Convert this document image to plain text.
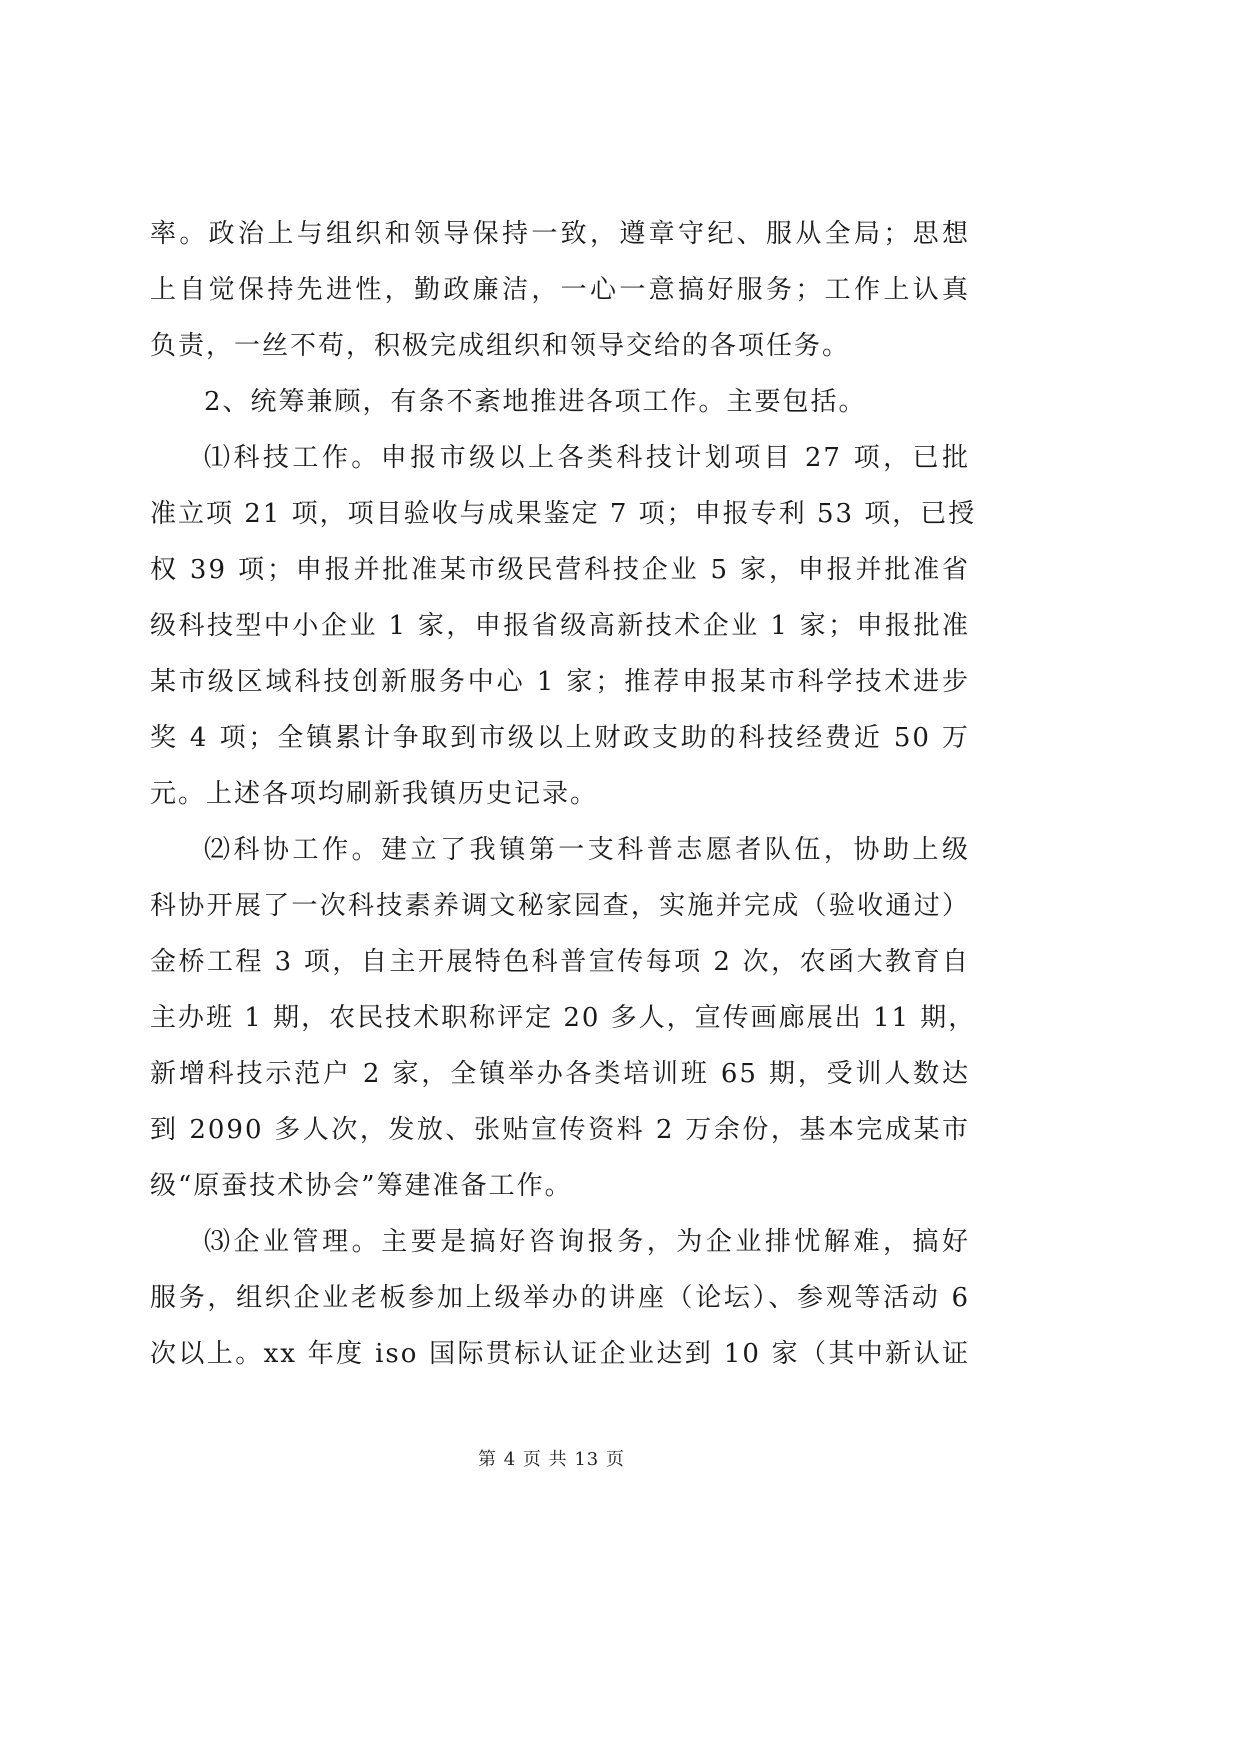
率。政治上与组织和领导保持一致，遵章守纪、服从全局；思想
上自觉保持先进性，勤政廉洁，一心一意搞好服务；工作上认真
负责，一丝不苟，积极完成组织和领导交给的各项任务。
2、统筹兼顾，有条不紊地推进各项工作。主要包括。
⑴科技工作。申报市级以上各类科技计划项目 27 项，已批
准立项 21 项，项目验收与成果鉴定 7 项；申报专利 53 项，已授
权 39 项；申报并批准某市级民营科技企业 5 家，申报并批准省
级科技型中小企业 1 家，申报省级高新技术企业 1 家；申报批准
某市级区域科技创新服务中心 1 家；推荐申报某市科学技术进步
奖 4 项；全镇累计争取到市级以上财政支助的科技经费近 50 万
元。上述各项均刷新我镇历史记录。
⑵科协工作。建立了我镇第一支科普志愿者队伍，协助上级
科协开展了一次科技素养调文秘家园查，实施并完成（验收通过）
金桥工程 3 项，自主开展特色科普宣传每项 2 次，农函大教育自
主办班 1 期，农民技术职称评定 20 多人，宣传画廊展出 11 期，
新增科技示范户 2 家，全镇举办各类培训班 65 期，受训人数达
到 2090 多人次，发放、张贴宣传资料 2 万余份，基本完成某市
级“原蚕技术协会”筹建准备工作。
⑶企业管理。主要是搞好咨询报务，为企业排忧解难，搞好
服务，组织企业老板参加上级举办的讲座（论坛）、参观等活动 6
次以上。xx 年度 iso 国际贯标认证企业达到 10 家（其中新认证
第 4 页 共 13 页
